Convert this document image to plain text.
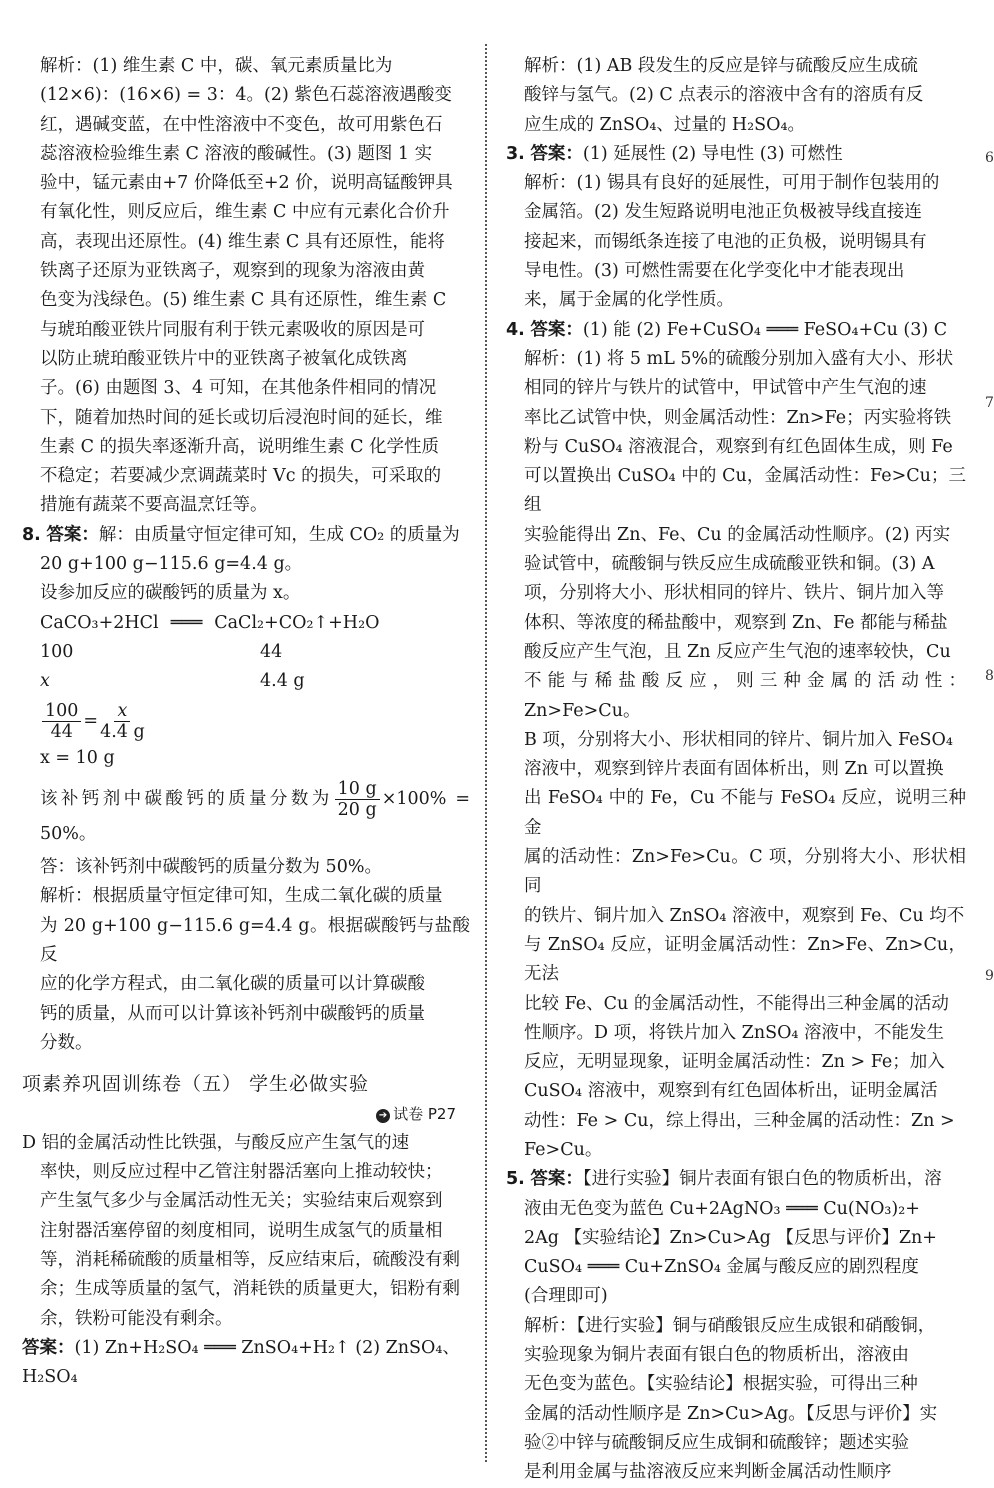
解析：(1) 维生素 C 中，碳、氧元素质量比为

(12×6)：(16×6) = 3：4。(2) 紫色石蕊溶液遇酸变

红，遇碱变蓝，在中性溶液中不变色，故可用紫色石

蕊溶液检验维生素 C 溶液的酸碱性。(3) 题图 1 实

验中，锰元素由+7 价降低至+2 价，说明高锰酸钾具

有氧化性，则反应后，维生素 C 中应有元素化合价升

高，表现出还原性。(4) 维生素 C 具有还原性，能将

铁离子还原为亚铁离子，观察到的现象为溶液由黄

色变为浅绿色。(5) 维生素 C 具有还原性，维生素 C

与琥珀酸亚铁片同服有利于铁元素吸收的原因是可

以防止琥珀酸亚铁片中的亚铁离子被氧化成铁离

子。(6) 由题图 3、4 可知，在其他条件相同的情况

下，随着加热时间的延长或切后浸泡时间的延长，维

生素 C 的损失率逐渐升高，说明维生素 C 化学性质

不稳定；若要减少烹调蔬菜时 Vc 的损失，可采取的

措施有蔬菜不要高温烹饪等。

8. 答案：解：由质量守恒定律可知，生成 CO₂ 的质量为

20 g+100 g−115.6 g=4.4 g。

设参加反应的碳酸钙的质量为 x。

CaCO₃+2HCl ═══ CaCl₂+CO₂↑+H₂O
100	44
x	4.4 g
$\frac{100}{44} = \frac{x}{4.4 g}$

x = 10 g

该补钙剂中碳酸钙的质量分数为 $\frac{10 g}{20 g} \times 100\% = 50\%$。

答：该补钙剂中碳酸钙的质量分数为 50%。

解析：根据质量守恒定律可知，生成二氧化碳的质量

为 20 g+100 g−115.6 g=4.4 g。根据碳酸钙与盐酸反

应的化学方程式，由二氧化碳的质量可以计算碳酸

钙的质量，从而可以计算该补钙剂中碳酸钙的质量

分数。

项素养巩固训练卷（五） 学生必做实验
➔ 试卷 P27

D 铝的金属活动性比铁强，与酸反应产生氢气的速

率快，则反应过程中乙管注射器活塞向上推动较快；

产生氢气多少与金属活动性无关；实验结束后观察到

注射器活塞停留的刻度相同，说明生成氢气的质量相

等，消耗稀硫酸的质量相等，反应结束后，硫酸没有剩

余；生成等质量的氢气，消耗铁的质量更大，铝粉有剩

余，铁粉可能没有剩余。

答案：(1) Zn+H₂SO₄ ═══ ZnSO₄+H₂↑ (2) ZnSO₄、

H₂SO₄

解析：(1) AB 段发生的反应是锌与硫酸反应生成硫

酸锌与氢气。(2) C 点表示的溶液中含有的溶质有反

应生成的 ZnSO₄、过量的 H₂SO₄。

3. 答案：(1) 延展性 (2) 导电性 (3) 可燃性

解析：(1) 锡具有良好的延展性，可用于制作包装用的

金属箔。(2) 发生短路说明电池正负极被导线直接连

接起来，而锡纸条连接了电池的正负极，说明锡具有

导电性。(3) 可燃性需要在化学变化中才能表现出

来，属于金属的化学性质。

4. 答案：(1) 能 (2) Fe+CuSO₄ ═══ FeSO₄+Cu (3) C

解析：(1) 将 5 mL 5%的硫酸分别加入盛有大小、形状

相同的锌片与铁片的试管中，甲试管中产生气泡的速

率比乙试管中快，则金属活动性：Zn>Fe；丙实验将铁

粉与 CuSO₄ 溶液混合，观察到有红色固体生成，则 Fe

可以置换出 CuSO₄ 中的 Cu，金属活动性：Fe>Cu；三组

实验能得出 Zn、Fe、Cu 的金属活动性顺序。(2) 丙实

验试管中，硫酸铜与铁反应生成硫酸亚铁和铜。(3) A

项，分别将大小、形状相同的锌片、铁片、铜片加入等

体积、等浓度的稀盐酸中，观察到 Zn、Fe 都能与稀盐

酸反应产生气泡，且 Zn 反应产生气泡的速率较快，Cu

不能与稀盐酸反应，则三种金属的活动性：Zn>Fe>Cu。

B 项，分别将大小、形状相同的锌片、铜片加入 FeSO₄

溶液中，观察到锌片表面有固体析出，则 Zn 可以置换

出 FeSO₄ 中的 Fe，Cu 不能与 FeSO₄ 反应，说明三种金

属的活动性：Zn>Fe>Cu。C 项，分别将大小、形状相同

的铁片、铜片加入 ZnSO₄ 溶液中，观察到 Fe、Cu 均不

与 ZnSO₄ 反应，证明金属活动性：Zn>Fe、Zn>Cu，无法

比较 Fe、Cu 的金属活动性，不能得出三种金属的活动

性顺序。D 项，将铁片加入 ZnSO₄ 溶液中，不能发生

反应，无明显现象，证明金属活动性：Zn > Fe；加入

CuSO₄ 溶液中，观察到有红色固体析出，证明金属活

动性：Fe > Cu，综上得出，三种金属的活动性：Zn >

Fe>Cu。

5. 答案：【进行实验】铜片表面有银白色的物质析出，溶

液由无色变为蓝色 Cu+2AgNO₃ ═══ Cu(NO₃)₂+

2Ag 【实验结论】Zn>Cu>Ag 【反思与评价】Zn+

CuSO₄ ═══ Cu+ZnSO₄ 金属与酸反应的剧烈程度

(合理即可)

解析：【进行实验】铜与硝酸银反应生成银和硝酸铜，

实验现象为铜片表面有银白色的物质析出，溶液由

无色变为蓝色。【实验结论】根据实验，可得出三种

金属的活动性顺序是 Zn>Cu>Ag。【反思与评价】实

验②中锌与硫酸铜反应生成铜和硫酸锌；题述实验

是利用金属与盐溶液反应来判断金属活动性顺序

6
7
8
9
